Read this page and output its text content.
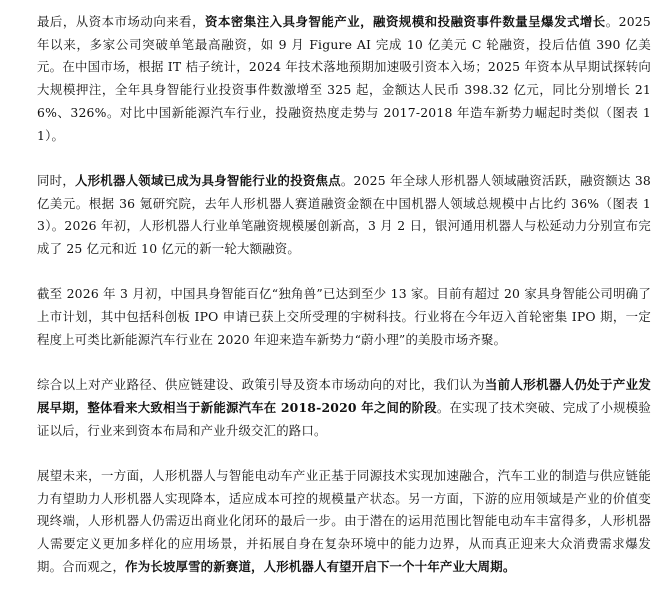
最后，从资本市场动向来看，资本密集注入具身智能产业，融资规模和投融资事件数量呈爆发式增长。2025 年以来，多家公司突破单笔最高融资，如 9 月 Figure AI 完成 10 亿美元 C 轮融资，投后估值 390 亿美元。在中国市场，根据 IT 桔子统计，2024 年技术落地预期加速吸引资本入场；2025 年资本从早期试探转向大规模押注，全年具身智能行业投资事件数激增至 325 起，金额达人民币 398.32 亿元，同比分别增长 216%、326%。对比中国新能源汽车行业，投融资热度走势与 2017-2018 年造车新势力崛起时类似（图表 11）。

同时，人形机器人领域已成为具身智能行业的投资焦点。2025 年全球人形机器人领域融资活跃，融资额达 38 亿美元。根据 36 氪研究院，去年人形机器人赛道融资金额在中国机器人领域总规模中占比约 36%（图表 13）。2026 年初，人形机器人行业单笔融资规模屡创新高，3 月 2 日，银河通用机器人与松延动力分别宣布完成了 25 亿元和近 10 亿元的新一轮大额融资。

截至 2026 年 3 月初，中国具身智能百亿“独角兽”已达到至少 13 家。目前有超过 20 家具身智能公司明确了上市计划，其中包括科创板 IPO 申请已获上交所受理的宇树科技。行业将在今年迈入首轮密集 IPO 期，一定程度上可类比新能源汽车行业在 2020 年迎来造车新势力“蔚小理”的美股市场齐聚。

综合以上对产业路径、供应链建设、政策引导及资本市场动向的对比，我们认为当前人形机器人仍处于产业发展早期，整体看来大致相当于新能源汽车在 2018-2020 年之间的阶段。在实现了技术突破、完成了小规模验证以后，行业来到资本布局和产业升级交汇的路口。

展望未来，一方面，人形机器人与智能电动车产业正基于同源技术实现加速融合，汽车工业的制造与供应链能力有望助力人形机器人实现降本，适应成本可控的规模量产状态。另一方面，下游的应用领域是产业的价值变现终端，人形机器人仍需迈出商业化闭环的最后一步。由于潜在的运用范围比智能电动车丰富得多，人形机器人需要定义更加多样化的应用场景，并拓展自身在复杂环境中的能力边界，从而真正迎来大众消费需求爆发期。合而观之，作为长坡厚雪的新赛道，人形机器人有望开启下一个十年产业大周期。
